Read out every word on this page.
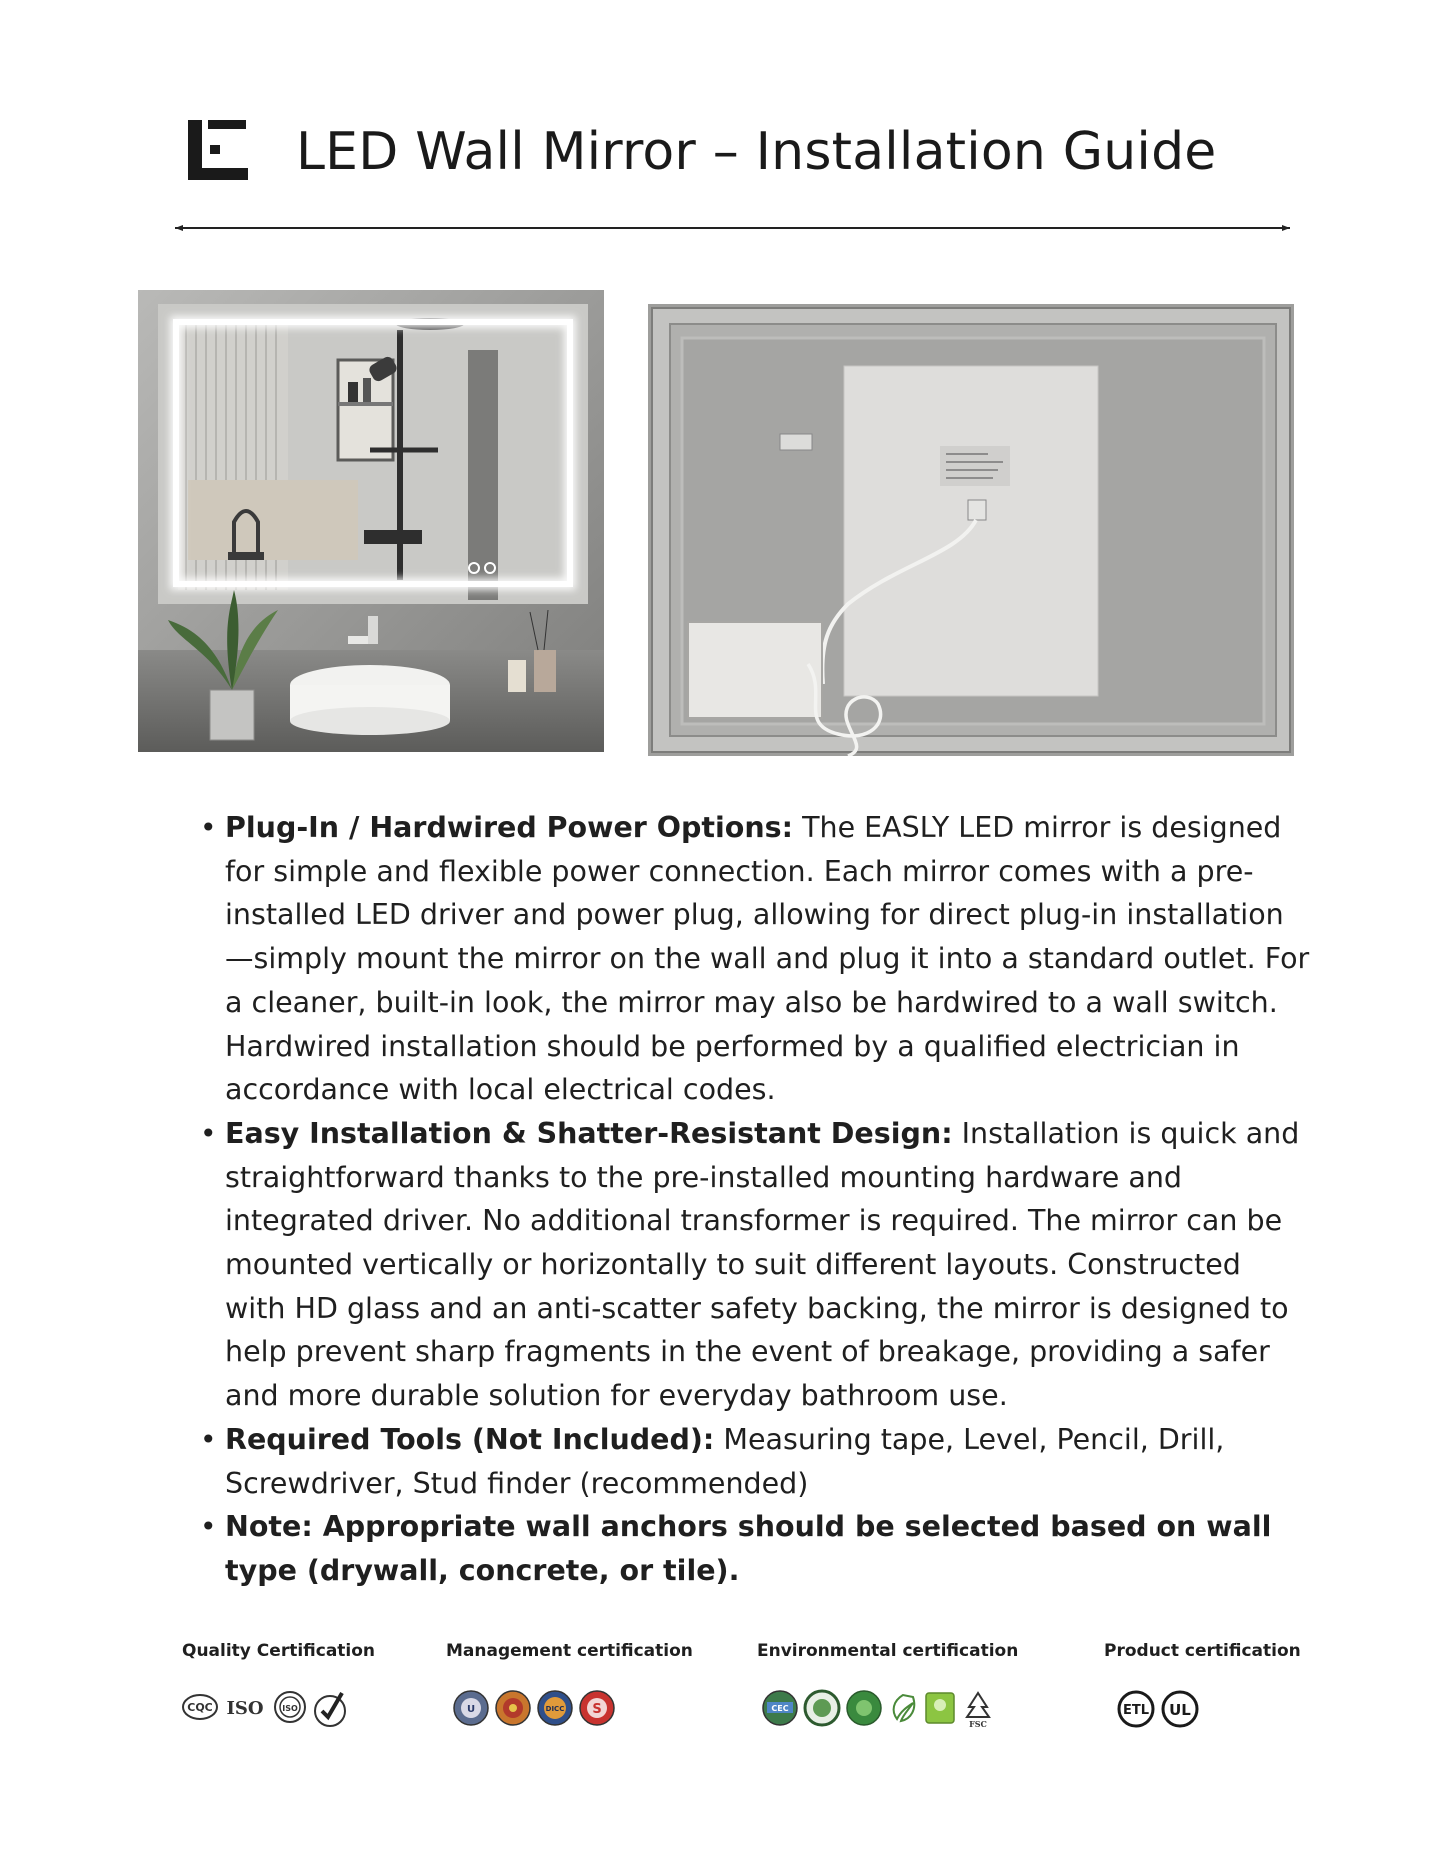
LED Wall Mirror – Installation Guide
• Plug-In / Hardwired Power Options: The EASLY LED mirror is designed for simple and flexible power connection. Each mirror comes with a pre-installed LED driver and power plug, allowing for direct plug-in installation —simply mount the mirror on the wall and plug it into a standard outlet. For a cleaner, built-in look, the mirror may also be hardwired to a wall switch. Hardwired installation should be performed by a qualified electrician in accordance with local electrical codes.
• Easy Installation & Shatter-Resistant Design: Installation is quick and straightforward thanks to the pre-installed mounting hardware and integrated driver. No additional transformer is required. The mirror can be mounted vertically or horizontally to suit different layouts. Constructed with HD glass and an anti-scatter safety backing, the mirror is designed to help prevent sharp fragments in the event of breakage, providing a safer and more durable solution for everyday bathroom use.
• Required Tools (Not Included): Measuring tape, Level, Pencil, Drill, Screwdriver, Stud finder (recommended)
• Note: Appropriate wall anchors should be selected based on wall type (drywall, concrete, or tile).
Quality Certification
CQC ISO ISO
Management certification
U	DICC S
Environmental certification
CEC
FSC
Product certification
ETL UL
